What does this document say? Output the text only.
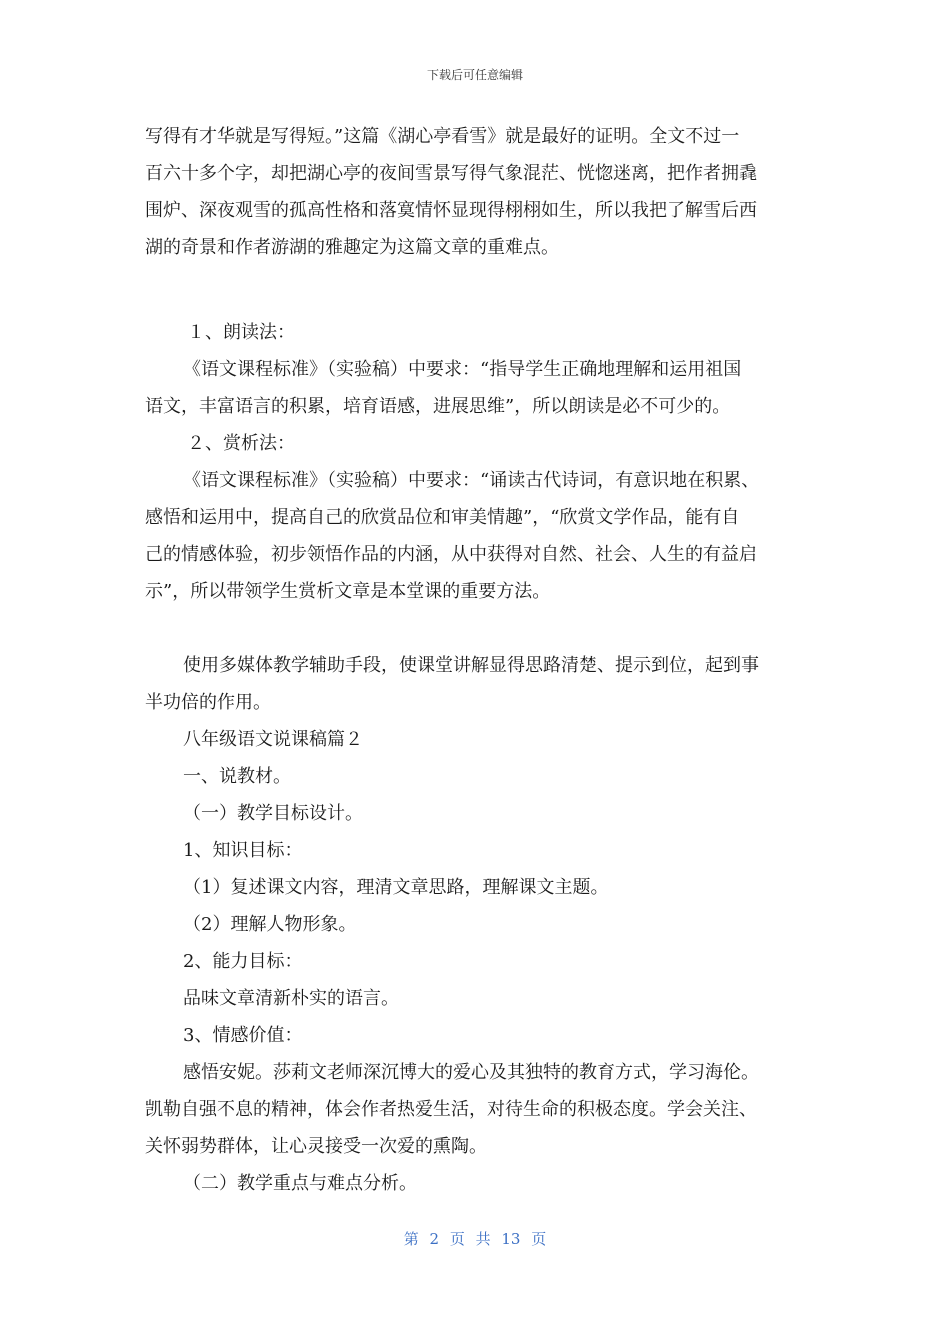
下载后可任意编辑

写得有才华就是写得短。”这篇《湖心亭看雪》就是最好的证明。全文不过一

百六十多个字，却把湖心亭的夜间雪景写得气象混茫、恍惚迷离，把作者拥毳

围炉、深夜观雪的孤高性格和落寞情怀显现得栩栩如生，所以我把了解雪后西

湖的奇景和作者游湖的雅趣定为这篇文章的重难点。

１、朗读法：

《语文课程标准》（实验稿）中要求：“指导学生正确地理解和运用祖国

语文，丰富语言的积累，培育语感，进展思维”，所以朗读是必不可少的。

２、赏析法：

《语文课程标准》（实验稿）中要求：“诵读古代诗词，有意识地在积累、

感悟和运用中，提高自己的欣赏品位和审美情趣”，“欣赏文学作品，能有自

己的情感体验，初步领悟作品的内涵，从中获得对自然、社会、人生的有益启

示”，所以带领学生赏析文章是本堂课的重要方法。

使用多媒体教学辅助手段，使课堂讲解显得思路清楚、提示到位，起到事

半功倍的作用。

八年级语文说课稿篇２

一、说教材。

（一）教学目标设计。

1、知识目标：

（1）复述课文内容，理清文章思路，理解课文主题。

（2）理解人物形象。

2、能力目标：

品味文章清新朴实的语言。

3、情感价值：

感悟安妮。莎莉文老师深沉博大的爱心及其独特的教育方式，学习海伦。

凯勒自强不息的精神，体会作者热爱生活，对待生命的积极态度。学会关注、

关怀弱势群体，让心灵接受一次爱的熏陶。

（二）教学重点与难点分析。

第 2 页 共 13 页
